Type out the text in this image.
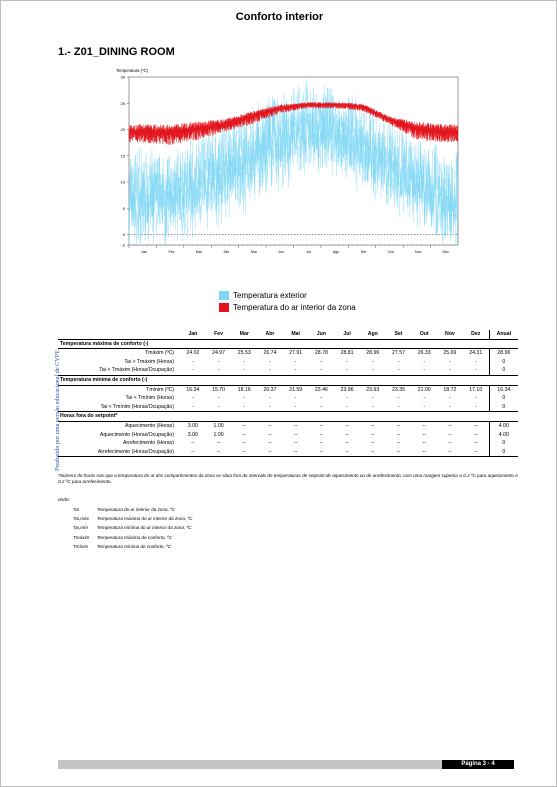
Conforto interior
1.- Z01_DINING ROOM
Temperatura (ºC)
-2
0
5
10
15
20
25
30
Jan	Fev	Mar	Abr	Mai	Jun	Jul	Ago	Set	Out	Nov	Dez
Temperatura exterior
Temperatura do ar interior da zona
Produzido por uma versão educacional de CYPE
	Jan	Fev	Mar	Abr	Mai	Jun	Jul	Ago	Set	Out	Nov	Dez	Anual
Temperatura máxima de conforto (-)													
Tmáxim (ºC)	24.02	24.97	25.53	26.74	27.91	28.78	28.81	28.96	27.57	26.33	25.69	24.31	28.96
Tai > Tmáxim (Horas)	-	-	-	-	-	-	-	-	-	-	-	-	0
Tai > Tmáxim (Horas/Ocupação)	-	-	-	-	-	-	-	-	-	-	-	-	0
Temperatura mínima de conforto (-)													
Tmínim (ºC)	16.34	15.70	18.16	20.37	21.59	23.46	23.96	23.93	23.35	21.00	18.72	17.10	16.34
Tai < Tmínim (Horas)	-	-	-	-	-	-	-	-	-	-	-	-	0
Tai < Tmínim (Horas/Ocupação)	-	-	-	-	-	-	-	-	-	-	-	-	0
Horas fora do setpoint*													
Aquecimento (Horas)	3.00	1.00	--	--	--	--	--	--	--	--	--	--	4.00
Aquecimento (Horas/Ocupação)	3.00	1.00	--	--	--	--	--	--	--	--	--	--	4.00
Arrefecimento (Horas)	--	--	--	--	--	--	--	--	--	--	--	--	0
Arrefecimento (Horas/Ocupação)	--	--	--	--	--	--	--	--	--	--	--	--	0
*Número de horas nas que a temperatura do ar dos compartimentos da zona se situa fora do intervalo de temperaturas de setpoint de aquecimento ou de arrefecimento, com uma margem superior a 0.2 ºC para aquecimento e 0.2 ºC para arrefecimento.
onde:
Tai	Temperatura do ar interior da zona, ºC
Tai,máx	Temperatura máxima do ar interior da zona, ºC
Tai,mín	Temperatura mínima do ar interior da zona, ºC
Tmáxim	Temperatura máxima de conforto, ºC
Tmínim	Temperatura mínima de conforto, ºC
Página 3 - 4
